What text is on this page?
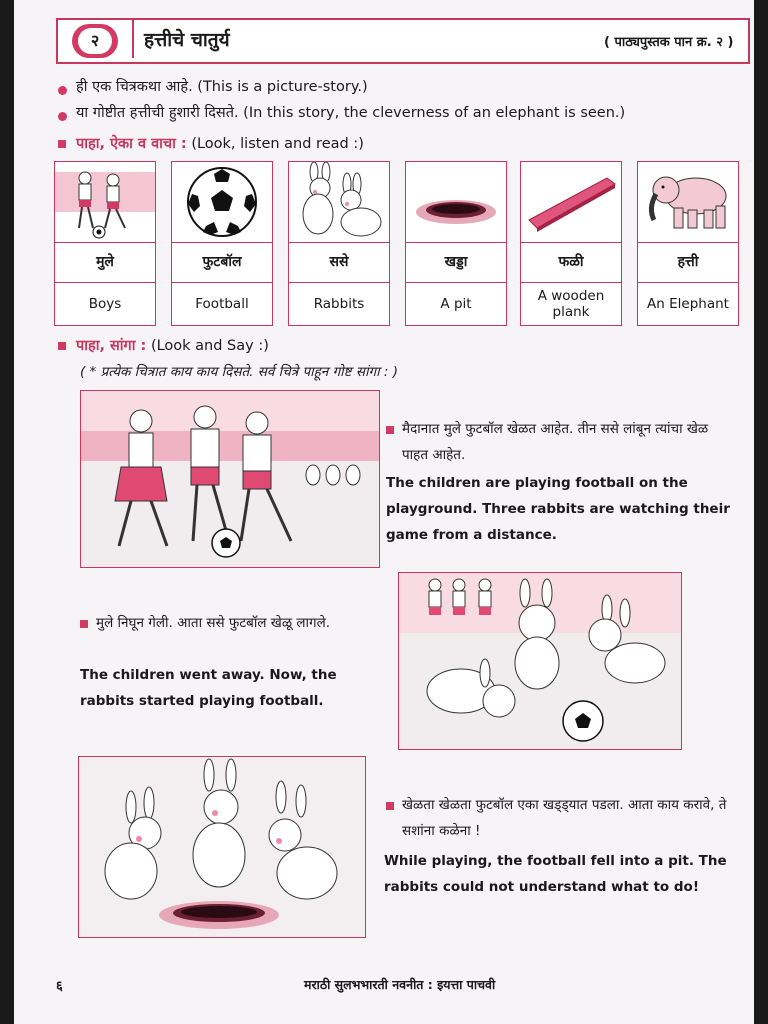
२	हत्तीचे चातुर्य	( पाठ्यपुस्तक पान क्र. २ )
ही एक चित्रकथा आहे. (This is a picture-story.)
या गोष्टीत हत्तीची हुशारी दिसते. (In this story, the cleverness of an elephant is seen.)
पाहा, ऐका व वाचा : (Look, listen and read :)
मुले
Boys
फुटबॉल
Football
ससे
Rabbits
खड्डा
A pit
फळी
A wooden plank
हत्ती
An Elephant
पाहा, सांगा : (Look and Say :)
( * प्रत्येक चित्रात काय काय दिसते. सर्व चित्रे पाहून गोष्ट सांगा : )
मैदानात मुले फुटबॉल खेळत आहेत. तीन ससे लांबून त्यांचा खेळ पाहत आहेत.
The children are playing football on the playground. Three rabbits are watching their game from a distance.
मुले निघून गेली. आता ससे फुटबॉल खेळू लागले.
The children went away. Now, the rabbits started playing football.
खेळता खेळता फुटबॉल एका खड्ड्यात पडला. आता काय करावे, ते सशांना कळेना !
While playing, the football fell into a pit. The rabbits could not understand what to do!
६	मराठी सुलभभारती नवनीत : इयत्ता पाचवी
